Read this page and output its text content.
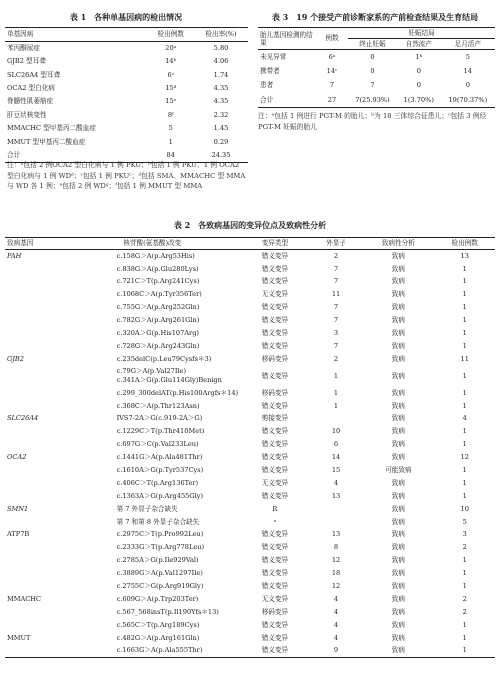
表 1　各种单基因病的检出情况
单基因病	检出例数	检出率(%)
苯丙酮尿症	20ᵃ	5.80
GJB2 型耳聋	14ᵇ	4.06
SLC26A4 型耳聋	6ᶜ	1.74
OCA2 型白化病	15ᵈ	4.35
脊髓性肌萎缩症	15ᵉ	4.35
肝豆状核变性	8ᶠ	2.32
MMACHC 型甲基丙二酸血症	5	1.45
MMUT 型甲基丙二酸血症	1	0.29
合计	84	24.35
注：ᵃ包括 2 例OCA2 型白化病与 1 例 PKU；ᵇ包括 1 例 PKU、1 例 OCA2 型白化病与 1 例 WDᵈ；ᶜ包括 1 例 PKUᶜ；ᵈ包括 SMA、MMACHC 型 MMA 与 WD 各 1 例；ᵉ包括 2 例 WDᵍ；ᶠ包括 1 例 MMUT 型 MMA
表 3　19 个接受产前诊断家系的产前检查结果及生育结局
胎儿基因检测的结果	例数	妊娠结局		
		终止妊娠	自然流产	足月活产
未见异常	6ᵃ	0	1ᵇ	5
携带者	14ᶜ	0	0	14
患者	7	7	0	0
合计	27	7(25.93%)	1(3.70%)	19(70.37%)
注：ᵃ包括 1 例进行 PGT-M 的胎儿；ᵇ为 18 三体综合征患儿；ᶜ包括 3 例经 PGT-M 妊娠的胎儿
表 2　各致病基因的变异位点及致病性分析
致病基因	核苷酸(氨基酸)改变	变异类型	外显子	致病性分析	检出例数
PAH	c.158G＞A(p.Arg53His)	错义变异	2	致病	13

	c.838G＞A(p.Glu280Lys)	错义变异	7	致病	1

	c.721C＞T(p.Arg241Cys)	错义变异	7	致病	1

	c.1068C＞A(p.Tyr356Ter)	无义变异	11	致病	1

	c.755G＞A(p.Arg252Gln)	错义变异	7	致病	1

	c.782G＞A(p.Arg261Gln)	错义变异	7	致病	1

	c.320A＞G(p.His107Arg)	错义变异	3	致病	1

	c.728G＞A(p.Arg243Gln)	错义变异	7	致病	1
GJB2	c.235delC(p.Leu79Cysfs＊3)	移码变异	2	致病	11

	c.79G＞A(p.Val27Ile)
c.341A＞G(p.Glu114Gly)Benign	错义变异	1	致病	1

	c.299_300delAT(p.His100Argfs＊14)	移码变异	1	致病	1

	c.368C＞A(p.Thr123Asn)	错义变异	1	致病	1
SLC26A4	IVS7-2A＞G(c.919-2A＞G)	剪接变异		致病	4

	c.1229C＞T(p.Thr410Met)	错义变异	10	致病	1

	c.697G＞C(p.Val233Leu)	错义变异	6	致病	1
OCA2	c.1441G＞A(p.Ala481Thr)	错义变异	14	致病	12

	c.1610A＞G(p.Tyr537Cys)	错义变异	15	可能致病	1

	c.406C＞T(p.Arg136Ter)	无义变异	4	致病	1

	c.1363A＞G(p.Arg455Gly)	错义变异	13	致病	1
SMN1	第 7 外显子杂合缺失	R		致病	10

	第 7 和第 8 外显子杂合缺失	ᵃ		致病	5
ATP7B	c.2975C＞T(p.Pro992Leu)	错义变异	13	致病	3

	c.2333G＞T(p.Arg778Leu)	错义变异	8	致病	2

	c.2785A＞G(p.Ile929Val)	错义变异	12	致病	1

	c.3889G＞A(p.Val1297Ile)	错义变异	18	致病	1

	c.2755C＞G(p.Arg919Gly)	错义变异	12	致病	1
MMACHC	c.609G＞A(p.Trp203Ter)	无义变异	4	致病	2

	c.567_568insT(p.Il190Yfs＊13)	移码变异	4	致病	2

	c.565C＞T(p.Arg189Cys)	错义变异	4	致病	1
MMUT	c.482G＞A(p.Arg161Gln)	错义变异	4	致病	1

	c.1663G＞A(p.Ala555Thr)	错义变异	9	致病	1
